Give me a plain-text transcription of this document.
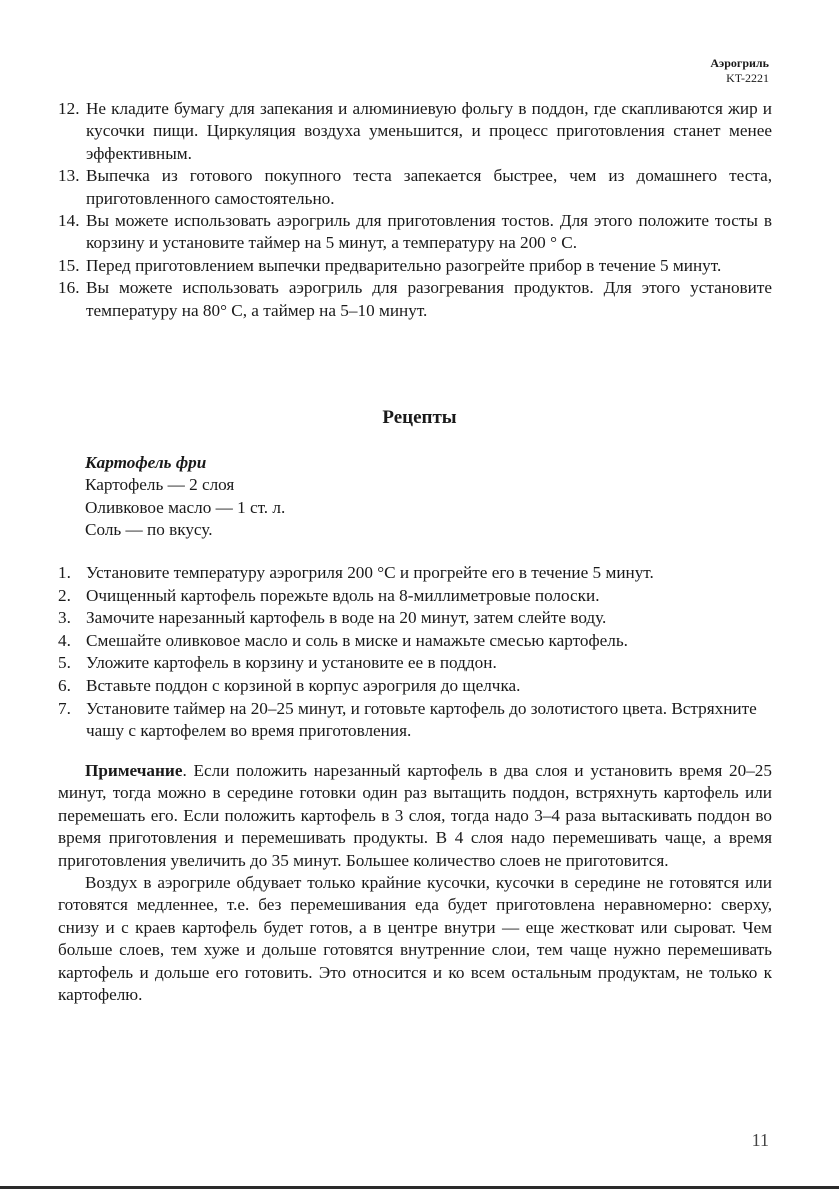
Аэрогриль
KT-2221
12. Не кладите бумагу для запекания и алюминиевую фольгу в поддон, где скапливаются жир и кусочки пищи. Циркуляция воздуха уменьшится, и процесс приготовления станет менее эффективным.
13. Выпечка из готового покупного теста запекается быстрее, чем из домашнего теста, приготовленного самостоятельно.
14. Вы можете использовать аэрогриль для приготовления тостов. Для этого положите тосты в корзину и установите таймер на 5 минут, а температуру на 200 ° С.
15. Перед приготовлением выпечки предварительно разогрейте прибор в течение 5 минут.
16. Вы можете использовать аэрогриль для разогревания продуктов. Для этого установите температуру на 80° С, а таймер на 5–10 минут.
Рецепты
Картофель фри
Картофель — 2 слоя
Оливковое масло — 1 ст. л.
Соль — по вкусу.
1. Установите температуру аэрогриля 200 °С и прогрейте его в течение 5 минут.
2. Очищенный картофель порежьте вдоль на 8-миллиметровые полоски.
3. Замочите нарезанный картофель в воде на 20 минут, затем слейте воду.
4. Смешайте оливковое масло и соль в миске и намажьте смесью картофель.
5. Уложите картофель в корзину и установите ее в поддон.
6. Вставьте поддон с корзиной в корпус аэрогриля до щелчка.
7. Установите таймер на 20–25 минут, и готовьте картофель до золотистого цвета. Встряхните чашу с картофелем во время приготовления.

Примечание. Если положить нарезанный картофель в два слоя и установить время 20–25 минут, тогда можно в середине готовки один раз вытащить поддон, встряхнуть картофель или перемешать его. Если положить картофель в 3 слоя, тогда надо 3–4 раза вытаскивать поддон во время приготовления и перемешивать продукты. В 4 слоя надо перемешивать чаще, а время приготовления увеличить до 35 минут. Большее количество слоев не приготовится.

Воздух в аэрогриле обдувает только крайние кусочки, кусочки в середине не готовятся или готовятся медленнее, т.е. без перемешивания еда будет приготовлена неравномерно: сверху, снизу и с краев картофель будет готов, а в центре внутри — еще жестковат или сыроват. Чем больше слоев, тем хуже и дольше готовятся внутренние слои, тем чаще нужно перемешивать картофель и дольше его готовить. Это относится и ко всем остальным продуктам, не только к картофелю.

11
